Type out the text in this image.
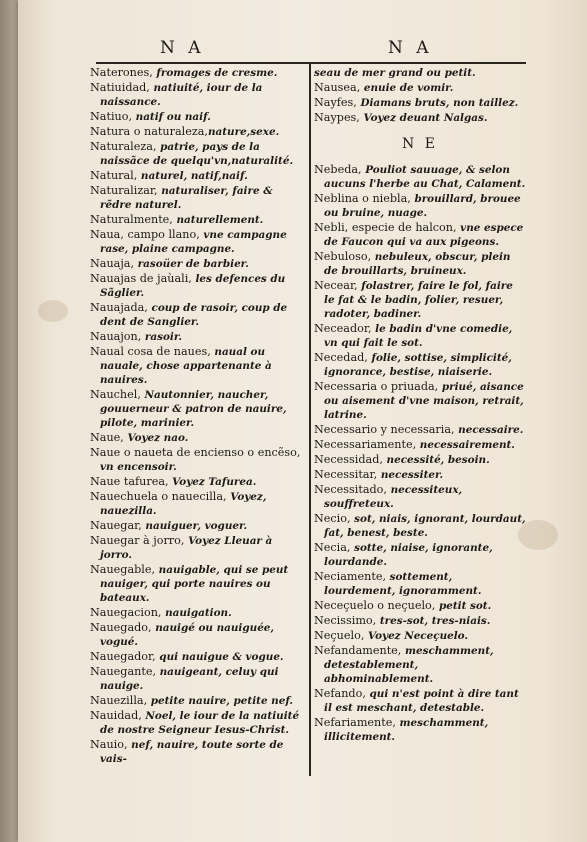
N A	N A
Naterones, fromages de cresme.
Natiuidad, natiuité, iour de la naissance.
Natiuo, natif ou naif.
Natura o naturaleza,nature,sexe.
Naturaleza, patrie, pays de la naissãce de quelqu'vn,naturalité.
Natural, naturel, natif,naif.
Naturalizar, naturaliser, faire & rẽdre naturel.
Naturalmente, naturellement.
Naua, campo llano, vne campagne rase, plaine campagne.
Nauaja, rasoüer de barbier.
Nauajas de jaùali, les defences du Sãglier.
Nauajada, coup de rasoir, coup de dent de Sanglier.
Nauajon, rasoir.
Naual cosa de naues, naual ou nauale, chose appartenante à nauires.
Nauchel, Nautonnier, naucher, gouuerneur & patron de nauire, pilote, marinier.
Naue, Voyez nao.
Naue o naueta de encienso o encẽso, vn encensoir.
Naue tafurea, Voyez Tafurea.
Nauechuela o nauecilla, Voyez, nauezilla.
Nauegar, nauiguer, voguer.
Nauegar à jorro, Voyez Lleuar à jorro.
Nauegable, nauigable, qui se peut nauiger, qui porte nauires ou bateaux.
Nauegacion, nauigation.
Nauegado, nauigé ou nauiguée, vogué.
Nauegador, qui nauigue & vogue.
Nauegante, nauigeant, celuy qui nauige.
Nauezilla, petite nauire, petite nef.
Nauidad, Noel, le iour de la natiuité de nostre Seigneur Iesus-Christ.
Nauio, nef, nauire, toute sorte de vais-
seau de mer grand ou petit.
Nausea, enuie de vomir.
Nayfes, Diamans bruts, non taillez.
Naypes, Voyez deuant Nalgas.
N E
Nebeda, Pouliot sauuage, & selon aucuns l'herbe au Chat, Calament.
Neblina o niebla, brouillard, brouee ou bruine, nuage.
Nebli, especie de halcon, vne espece de Faucon qui va aux pigeons.
Nebuloso, nebuleux, obscur, plein de brouillarts, bruineux.
Necear, folastrer, faire le fol, faire le fat & le badin, folier, resuer, radoter, badiner.
Neceador, le badin d'vne comedie, vn qui fait le sot.
Necedad, folie, sottise, simplicité, ignorance, bestise, niaiserie.
Necessaria o priuada, priué, aisance ou aisement d'vne maison, retrait, latrine.
Necessario y necessaria, necessaire.
Necessariamente, necessairement.
Necessidad, necessité, besoin.
Necessitar, necessiter.
Necessitado, necessiteux, souffreteux.
Necio, sot, niais, ignorant, lourdaut, fat, benest, beste.
Necia, sotte, niaise, ignorante, lourdande.
Neciamente, sottement, lourdement, ignoramment.
Neceçuelo o neçuelo, petit sot.
Necissimo, tres-sot, tres-niais.
Neçuelo, Voyez Neceçuelo.
Nefandamente, meschamment, detestablement, abhominablement.
Nefando, qui n'est point à dire tant il est meschant, detestable.
Nefariamente, meschamment, illicitement.
